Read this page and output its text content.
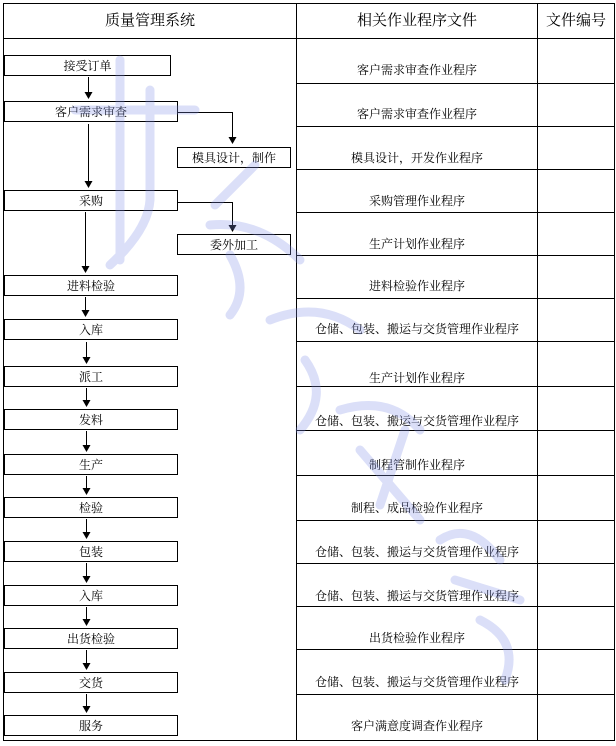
质量管理系统	相关作业程序文件	文件编号
接受订单
客户需求审查
模具设计，制作
采购
委外加工
进料检验
入库
派工
发料
生产
检验
包装
入库
出货检验
交货
服务
客户需求审查作业程序
客户需求审查作业程序
模具设计，开发作业程序
采购管理作业程序
生产计划作业程序
进料检验作业程序
仓储、包装、搬运与交货管理作业程序
生产计划作业程序
仓储、包装、搬运与交货管理作业程序
制程管制作业程序
制程、成品检验作业程序
仓储、包装、搬运与交货管理作业程序
仓储、包装、搬运与交货管理作业程序
出货检验作业程序
仓储、包装、搬运与交货管理作业程序
客户满意度调查作业程序
